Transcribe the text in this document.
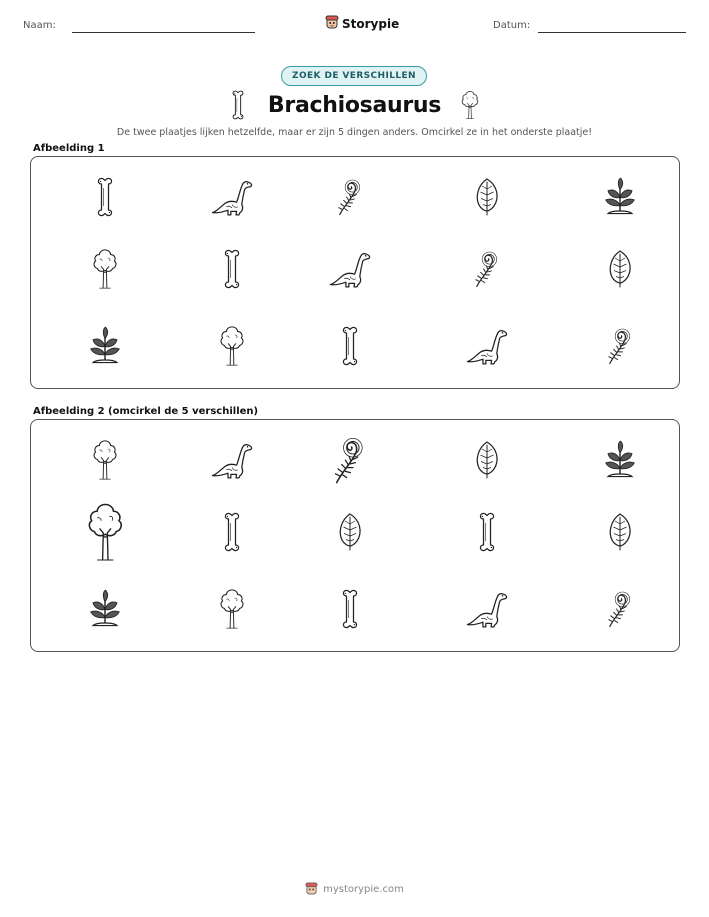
Naam:	Storypie	Datum:
ZOEK DE VERSCHILLEN
Brachiosaurus
De twee plaatjes lijken hetzelfde, maar er zijn 5 dingen anders. Omcirkel ze in het onderste plaatje!
Afbeelding 1
Afbeelding 2 (omcirkel de 5 verschillen)
mystorypie.com
